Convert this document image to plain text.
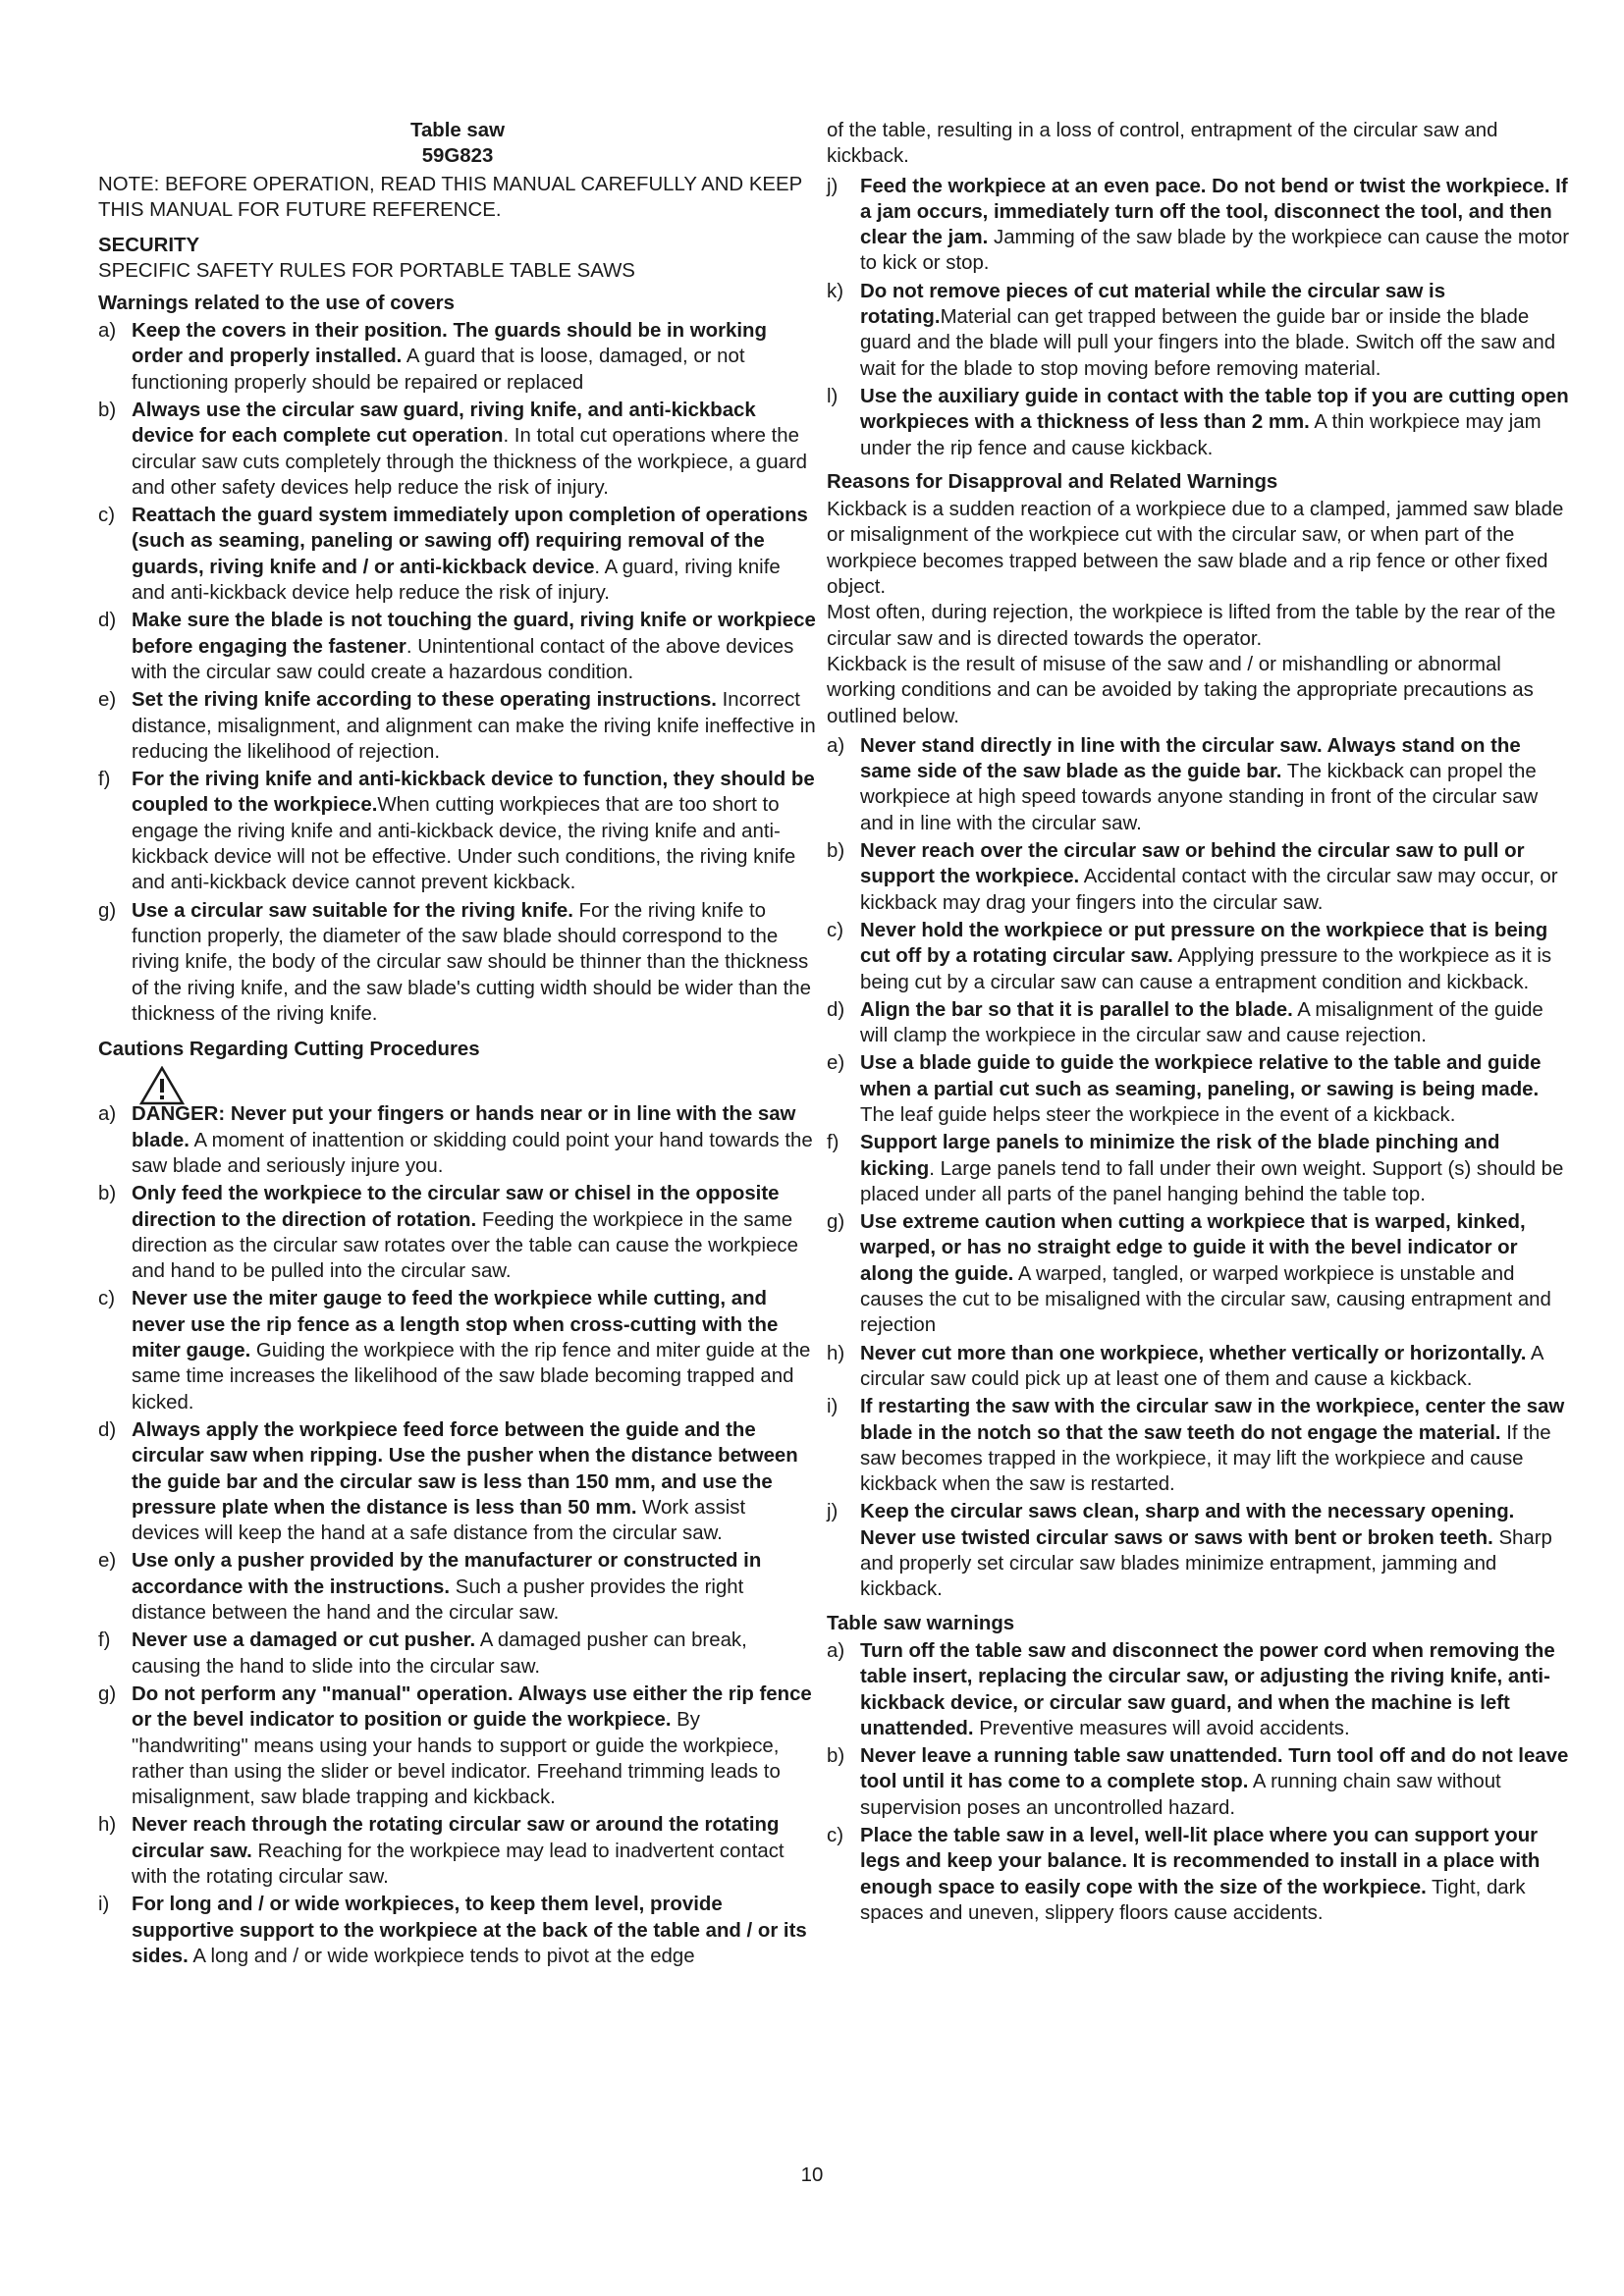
Table saw

59G823

NOTE: BEFORE OPERATION, READ THIS MANUAL CAREFULLY AND KEEP THIS MANUAL FOR FUTURE REFERENCE.

SECURITY

SPECIFIC SAFETY RULES FOR PORTABLE TABLE SAWS

Warnings related to the use of covers

a) Keep the covers in their position. The guards should be in working order and properly installed. A guard that is loose, damaged, or not functioning properly should be repaired or replaced

b) Always use the circular saw guard, riving knife, and anti-kickback device for each complete cut operation. In total cut operations where the circular saw cuts completely through the thickness of the workpiece, a guard and other safety devices help reduce the risk of injury.

c) Reattach the guard system immediately upon completion of operations (such as seaming, paneling or sawing off) requiring removal of the guards, riving knife and / or anti-kickback device. A guard, riving knife and anti-kickback device help reduce the risk of injury.

d) Make sure the blade is not touching the guard, riving knife or workpiece before engaging the fastener. Unintentional contact of the above devices with the circular saw could create a hazardous condition.

e) Set the riving knife according to these operating instructions. Incorrect distance, misalignment, and alignment can make the riving knife ineffective in reducing the likelihood of rejection.

f) For the riving knife and anti-kickback device to function, they should be coupled to the workpiece.When cutting workpieces that are too short to engage the riving knife and anti-kickback device, the riving knife and anti-kickback device will not be effective. Under such conditions, the riving knife and anti-kickback device cannot prevent kickback.

g) Use a circular saw suitable for the riving knife. For the riving knife to function properly, the diameter of the saw blade should correspond to the riving knife, the body of the circular saw should be thinner than the thickness of the riving knife, and the saw blade's cutting width should be wider than the thickness of the riving knife.

Cautions Regarding Cutting Procedures

a) DANGER: Never put your fingers or hands near or in line with the saw blade. A moment of inattention or skidding could point your hand towards the saw blade and seriously injure you.

b) Only feed the workpiece to the circular saw or chisel in the opposite direction to the direction of rotation. Feeding the workpiece in the same direction as the circular saw rotates over the table can cause the workpiece and hand to be pulled into the circular saw.

c) Never use the miter gauge to feed the workpiece while cutting, and never use the rip fence as a length stop when cross-cutting with the miter gauge. Guiding the workpiece with the rip fence and miter guide at the same time increases the likelihood of the saw blade becoming trapped and kicked.

d) Always apply the workpiece feed force between the guide and the circular saw when ripping. Use the pusher when the distance between the guide bar and the circular saw is less than 150 mm, and use the pressure plate when the distance is less than 50 mm. Work assist devices will keep the hand at a safe distance from the circular saw.

e) Use only a pusher provided by the manufacturer or constructed in accordance with the instructions. Such a pusher provides the right distance between the hand and the circular saw.

f) Never use a damaged or cut pusher. A damaged pusher can break, causing the hand to slide into the circular saw.

g) Do not perform any "manual" operation. Always use either the rip fence or the bevel indicator to position or guide the workpiece. By "handwriting" means using your hands to support or guide the workpiece, rather than using the slider or bevel indicator. Freehand trimming leads to misalignment, saw blade trapping and kickback.

h) Never reach through the rotating circular saw or around the rotating circular saw. Reaching for the workpiece may lead to inadvertent contact with the rotating circular saw.

i) For long and / or wide workpieces, to keep them level, provide supportive support to the workpiece at the back of the table and / or its sides. A long and / or wide workpiece tends to pivot at the edge

of the table, resulting in a loss of control, entrapment of the circular saw and kickback.

j) Feed the workpiece at an even pace. Do not bend or twist the workpiece. If a jam occurs, immediately turn off the tool, disconnect the tool, and then clear the jam. Jamming of the saw blade by the workpiece can cause the motor to kick or stop.

k) Do not remove pieces of cut material while the circular saw is rotating.Material can get trapped between the guide bar or inside the blade guard and the blade will pull your fingers into the blade. Switch off the saw and wait for the blade to stop moving before removing material.

l) Use the auxiliary guide in contact with the table top if you are cutting open workpieces with a thickness of less than 2 mm. A thin workpiece may jam under the rip fence and cause kickback.

Reasons for Disapproval and Related Warnings

Kickback is a sudden reaction of a workpiece due to a clamped, jammed saw blade or misalignment of the workpiece cut with the circular saw, or when part of the workpiece becomes trapped between the saw blade and a rip fence or other fixed object.

Most often, during rejection, the workpiece is lifted from the table by the rear of the circular saw and is directed towards the operator.

Kickback is the result of misuse of the saw and / or mishandling or abnormal working conditions and can be avoided by taking the appropriate precautions as outlined below.

a) Never stand directly in line with the circular saw. Always stand on the same side of the saw blade as the guide bar. The kickback can propel the workpiece at high speed towards anyone standing in front of the circular saw and in line with the circular saw.

b) Never reach over the circular saw or behind the circular saw to pull or support the workpiece. Accidental contact with the circular saw may occur, or kickback may drag your fingers into the circular saw.

c) Never hold the workpiece or put pressure on the workpiece that is being cut off by a rotating circular saw. Applying pressure to the workpiece as it is being cut by a circular saw can cause a entrapment condition and kickback.

d) Align the bar so that it is parallel to the blade. A misalignment of the guide will clamp the workpiece in the circular saw and cause rejection.

e) Use a blade guide to guide the workpiece relative to the table and guide when a partial cut such as seaming, paneling, or sawing is being made. The leaf guide helps steer the workpiece in the event of a kickback.

f) Support large panels to minimize the risk of the blade pinching and kicking. Large panels tend to fall under their own weight. Support (s) should be placed under all parts of the panel hanging behind the table top.

g) Use extreme caution when cutting a workpiece that is warped, kinked, warped, or has no straight edge to guide it with the bevel indicator or along the guide. A warped, tangled, or warped workpiece is unstable and causes the cut to be misaligned with the circular saw, causing entrapment and rejection

h) Never cut more than one workpiece, whether vertically or horizontally. A circular saw could pick up at least one of them and cause a kickback.

i) If restarting the saw with the circular saw in the workpiece, center the saw blade in the notch so that the saw teeth do not engage the material. If the saw becomes trapped in the workpiece, it may lift the workpiece and cause kickback when the saw is restarted.

j) Keep the circular saws clean, sharp and with the necessary opening. Never use twisted circular saws or saws with bent or broken teeth. Sharp and properly set circular saw blades minimize entrapment, jamming and kickback.

Table saw warnings

a) Turn off the table saw and disconnect the power cord when removing the table insert, replacing the circular saw, or adjusting the riving knife, anti-kickback device, or circular saw guard, and when the machine is left unattended. Preventive measures will avoid accidents.

b) Never leave a running table saw unattended. Turn tool off and do not leave tool until it has come to a complete stop. A running chain saw without supervision poses an uncontrolled hazard.

c) Place the table saw in a level, well-lit place where you can support your legs and keep your balance. It is recommended to install in a place with enough space to easily cope with the size of the workpiece. Tight, dark spaces and uneven, slippery floors cause accidents.

10
